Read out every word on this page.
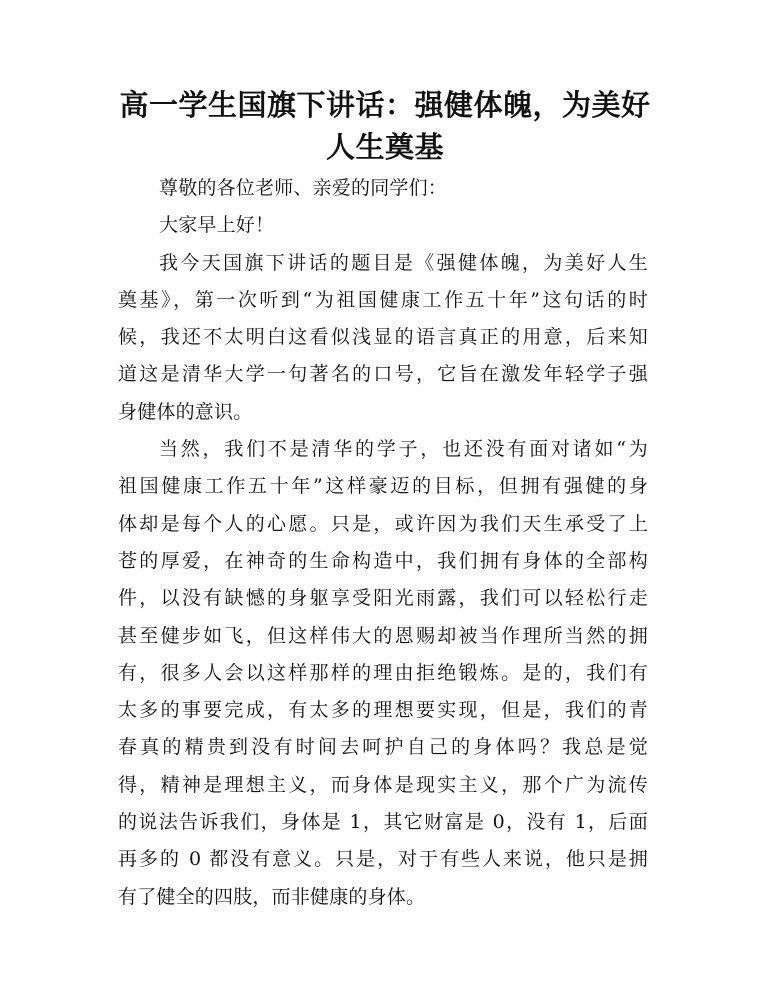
高一学生国旗下讲话：强健体魄，为美好人生奠基
尊敬的各位老师、亲爱的同学们：
大家早上好！
我今天国旗下讲话的题目是《强健体魄，为美好人生
奠基》，第一次听到“为祖国健康工作五十年”这句话的时
候，我还不太明白这看似浅显的语言真正的用意，后来知
道这是清华大学一句著名的口号，它旨在激发年轻学子强
身健体的意识。
当然，我们不是清华的学子，也还没有面对诸如“为
祖国健康工作五十年”这样豪迈的目标，但拥有强健的身
体却是每个人的心愿。只是，或许因为我们天生承受了上
苍的厚爱，在神奇的生命构造中，我们拥有身体的全部构
件，以没有缺憾的身躯享受阳光雨露，我们可以轻松行走
甚至健步如飞，但这样伟大的恩赐却被当作理所当然的拥
有，很多人会以这样那样的理由拒绝锻炼。是的，我们有
太多的事要完成，有太多的理想要实现，但是，我们的青
春真的精贵到没有时间去呵护自己的身体吗？我总是觉
得，精神是理想主义，而身体是现实主义，那个广为流传
的说法告诉我们，身体是 1，其它财富是 0，没有 1，后面
再多的 0 都没有意义。只是，对于有些人来说，他只是拥
有了健全的四肢，而非健康的身体。
